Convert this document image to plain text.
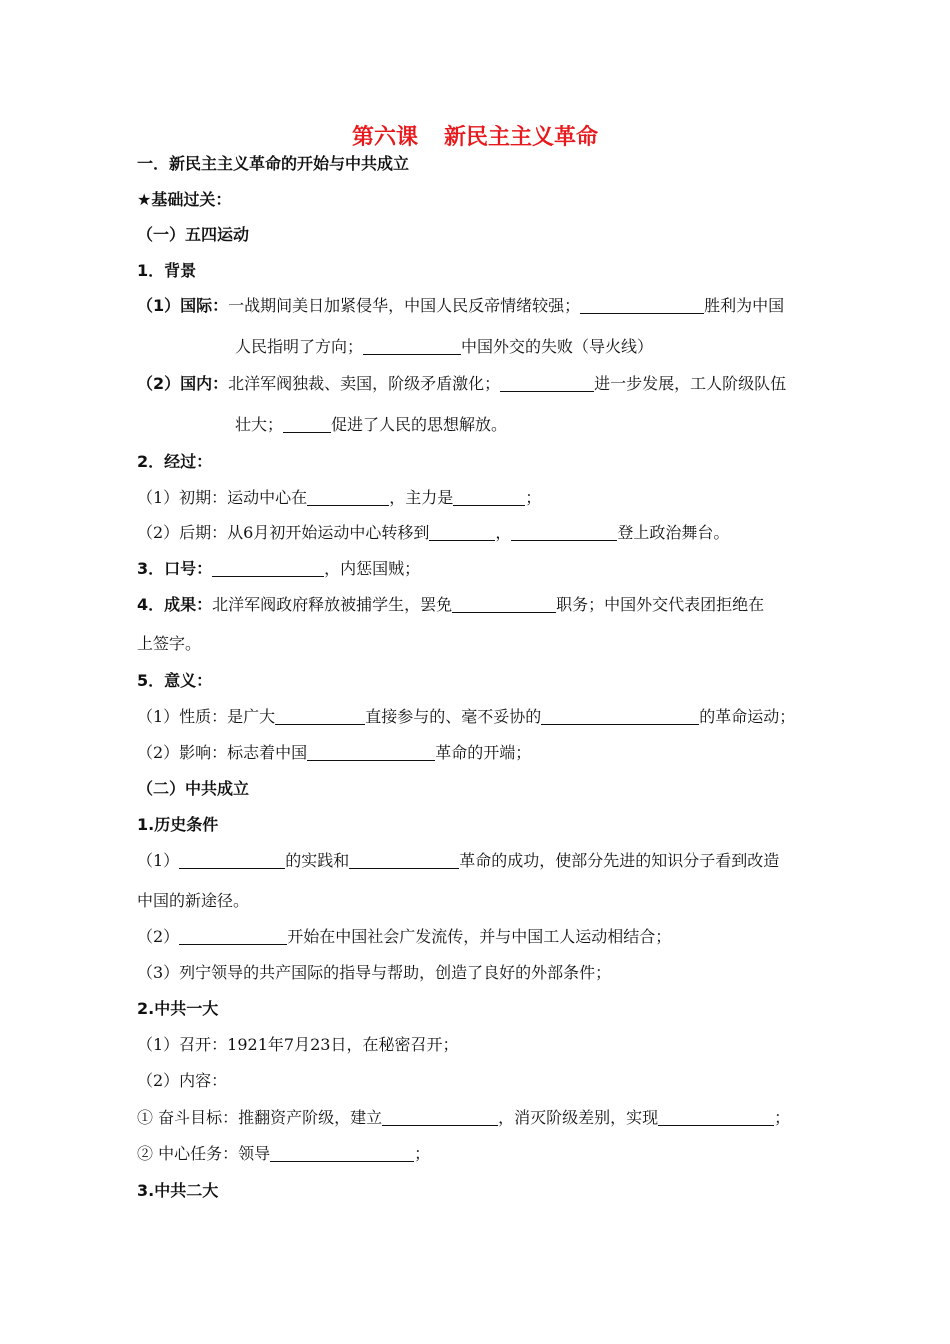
第六课 新民主主义革命
一．新民主主义革命的开始与中共成立
★基础过关：
（一）五四运动
1．背景
（1）国际：一战期间美日加紧侵华，中国人民反帝情绪较强；	胜利为中国
人民指明了方向；	中国外交的失败（导火线）
（2）国内：北洋军阀独裁、卖国，阶级矛盾激化；	进一步发展，工人阶级队伍
壮大；	促进了人民的思想解放。
2．经过：
（1）初期：运动中心在	，主力是	；
（2）后期：从6月初开始运动中心转移到	，	登上政治舞台。
3．口号：	，内惩国贼；
4．成果：北洋军阀政府释放被捕学生，罢免	职务；中国外交代表团拒绝在
上签字。
5．意义：
（1）性质：是广大	直接参与的、毫不妥协的	的革命运动；
（2）影响：标志着中国	革命的开端；
（二）中共成立
1.历史条件
（1）	的实践和	革命的成功，使部分先进的知识分子看到改造
中国的新途径。
（2）	开始在中国社会广发流传，并与中国工人运动相结合；
（3）列宁领导的共产国际的指导与帮助，创造了良好的外部条件；
2.中共一大
（1）召开：1921年7月23日，在秘密召开；
（2）内容：
① 奋斗目标：推翻资产阶级，建立	，消灭阶级差别，实现	；
② 中心任务：领导	；
3.中共二大
